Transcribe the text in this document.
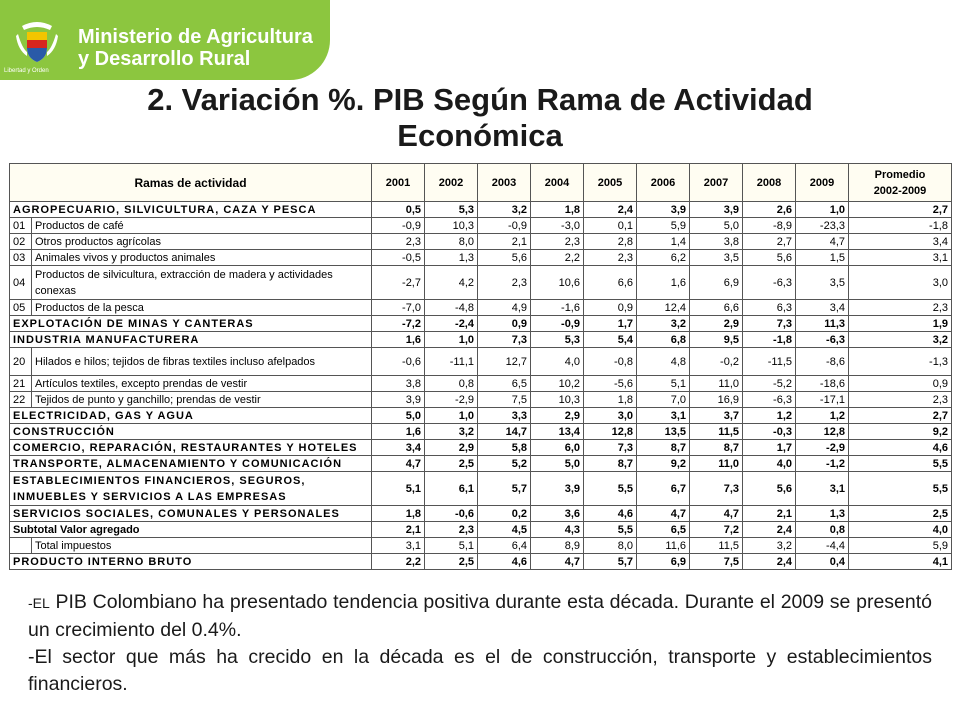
Libertad y Orden
Ministerio de Agricultura
y Desarrollo Rural
2. Variación %. PIB Según Rama de Actividad
Económica
Ramas de actividad		2001	2002	2003	2004	2005	2006	2007	2008	2009	Promedio
2002-2009

AGROPECUARIO, SILVICULTURA, CAZA Y PESCA		0,5	5,3	3,2	1,8	2,4	3,9	3,9	2,6	1,0	2,7
01	Productos de café	-0,9	10,3	-0,9	-3,0	0,1	5,9	5,0	-8,9	-23,3	-1,8
02	Otros productos agrícolas	2,3	8,0	2,1	2,3	2,8	1,4	3,8	2,7	4,7	3,4
03	Animales vivos y productos animales	-0,5	1,3	5,6	2,2	2,3	6,2	3,5	5,6	1,5	3,1
04	Productos de silvicultura, extracción de madera y actividades conexas	-2,7	4,2	2,3	10,6	6,6	1,6	6,9	-6,3	3,5	3,0
05	Productos de la pesca	-7,0	-4,8	4,9	-1,6	0,9	12,4	6,6	6,3	3,4	2,3
EXPLOTACIÓN DE MINAS Y CANTERAS		-7,2	-2,4	0,9	-0,9	1,7	3,2	2,9	7,3	11,3	1,9
INDUSTRIA MANUFACTURERA		1,6	1,0	7,3	5,3	5,4	6,8	9,5	-1,8	-6,3	3,2
20	Hilados e hilos; tejidos de fibras textiles incluso afelpados	-0,6	-11,1	12,7	4,0	-0,8	4,8	-0,2	-11,5	-8,6	-1,3
21	Artículos textiles, excepto prendas de vestir	3,8	0,8	6,5	10,2	-5,6	5,1	11,0	-5,2	-18,6	0,9
22	Tejidos de punto y ganchillo; prendas de vestir	3,9	-2,9	7,5	10,3	1,8	7,0	16,9	-6,3	-17,1	2,3
ELECTRICIDAD, GAS Y AGUA		5,0	1,0	3,3	2,9	3,0	3,1	3,7	1,2	1,2	2,7
CONSTRUCCIÓN		1,6	3,2	14,7	13,4	12,8	13,5	11,5	-0,3	12,8	9,2
COMERCIO, REPARACIÓN, RESTAURANTES Y HOTELES		3,4	2,9	5,8	6,0	7,3	8,7	8,7	1,7	-2,9	4,6
TRANSPORTE, ALMACENAMIENTO Y COMUNICACIÓN		4,7	2,5	5,2	5,0	8,7	9,2	11,0	4,0	-1,2	5,5
ESTABLECIMIENTOS FINANCIEROS, SEGUROS, INMUEBLES Y SERVICIOS A LAS EMPRESAS		5,1	6,1	5,7	3,9	5,5	6,7	7,3	5,6	3,1	5,5
SERVICIOS SOCIALES, COMUNALES Y PERSONALES		1,8	-0,6	0,2	3,6	4,6	4,7	4,7	2,1	1,3	2,5
Subtotal Valor agregado		2,1	2,3	4,5	4,3	5,5	6,5	7,2	2,4	0,8	4,0
	Total impuestos	3,1	5,1	6,4	8,9	8,0	11,6	11,5	3,2	-4,4	5,9
PRODUCTO INTERNO BRUTO		2,2	2,5	4,6	4,7	5,7	6,9	7,5	2,4	0,4	4,1

-EL PIB Colombiano ha presentado tendencia positiva durante esta década. Durante el 2009 se presentó un crecimiento del 0.4%.

-El sector que más ha crecido en la década es el de construcción, transporte y establecimientos financieros.
